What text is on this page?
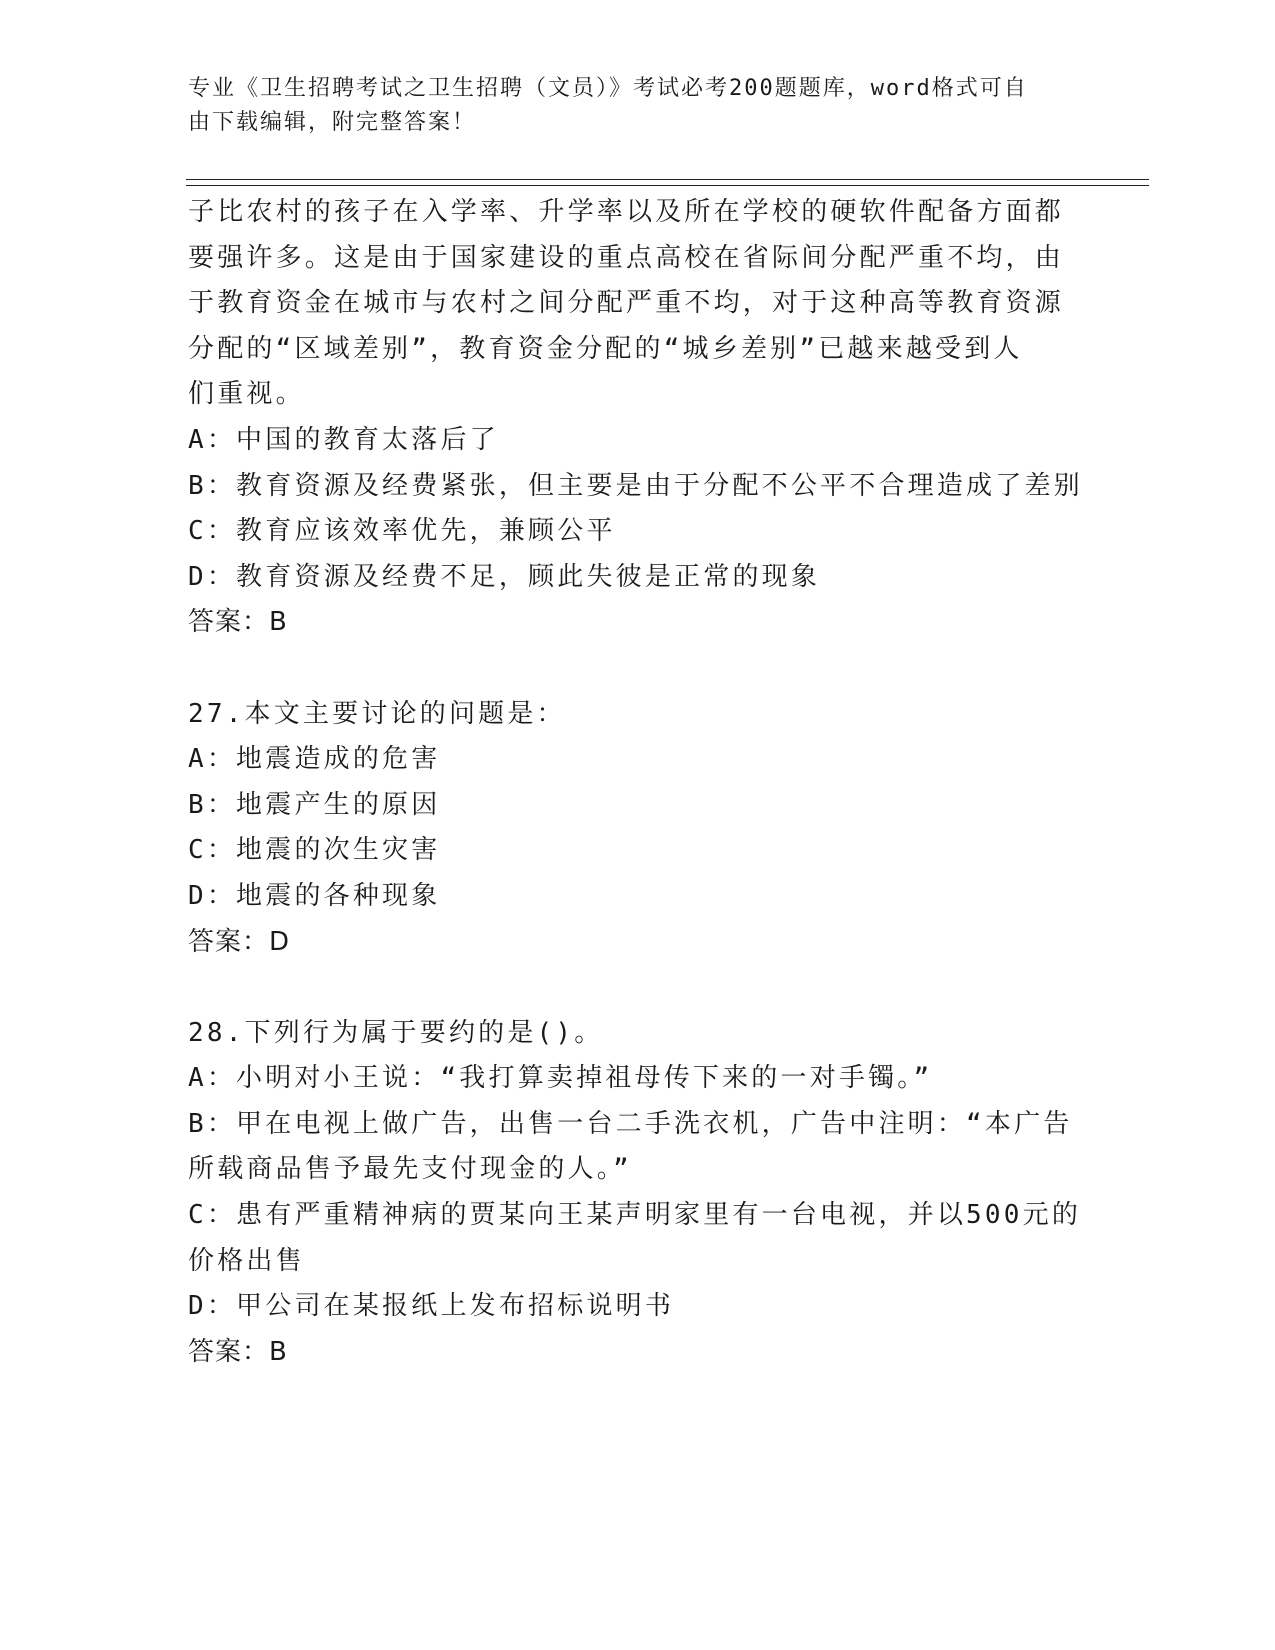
专业《卫生招聘考试之卫生招聘（文员）》考试必考200题题库，word格式可自
由下载编辑，附完整答案！
子比农村的孩子在入学率、升学率以及所在学校的硬软件配备方面都
要强许多。这是由于国家建设的重点高校在省际间分配严重不均，由
于教育资金在城市与农村之间分配严重不均，对于这种高等教育资源
分配的“区域差别”，教育资金分配的“城乡差别”已越来越受到人
们重视。
A：中国的教育太落后了
B：教育资源及经费紧张，但主要是由于分配不公平不合理造成了差别
C：教育应该效率优先，兼顾公平
D：教育资源及经费不足，顾此失彼是正常的现象
答案：B
27.本文主要讨论的问题是：
A：地震造成的危害
B：地震产生的原因
C：地震的次生灾害
D：地震的各种现象
答案：D
28.下列行为属于要约的是()。
A：小明对小王说：“我打算卖掉祖母传下来的一对手镯。”
B：甲在电视上做广告，出售一台二手洗衣机，广告中注明：“本广告
所载商品售予最先支付现金的人。”
C：患有严重精神病的贾某向王某声明家里有一台电视，并以500元的
价格出售
D：甲公司在某报纸上发布招标说明书
答案：B
